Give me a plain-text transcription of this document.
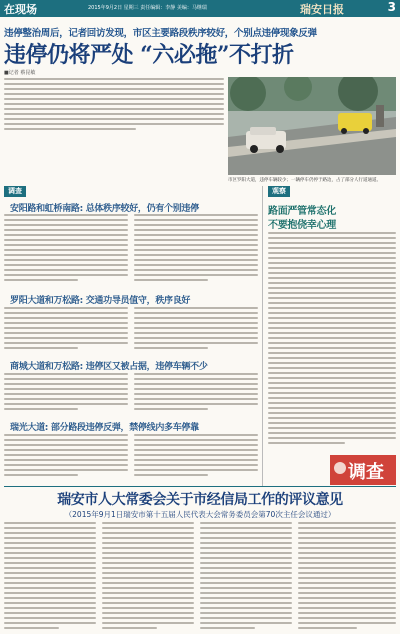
在现场	2015年9月2日 星期三 责任编辑：李静 美编：马继瑞	瑞安日报	3
违停整治周后，记者回访发现，市区主要路段秩序较好，个别点违停现象反弹
违停仍将严处 “六必拖”不打折
■记者 蔡昆敏
市区罗阳大道，违停车辆较少；一辆停车仍停于路边，占了部分人行道通道。
调查
安阳路和虹桥南路: 总体秩序较好，仍有个别违停
罗阳大道和万松路: 交通功导员值守，秩序良好
商城大道和万松路: 违停区又被占据，违停车辆不少
瑞光大道: 部分路段违停反弹，禁停线内多车停靠
观察
路面严管常态化
不要抱侥幸心理
调查
瑞安市人大常委会关于市经信局工作的评议意见
（2015年9月1日瑞安市第十五届人民代表大会常务委员会第70次主任会议通过）
